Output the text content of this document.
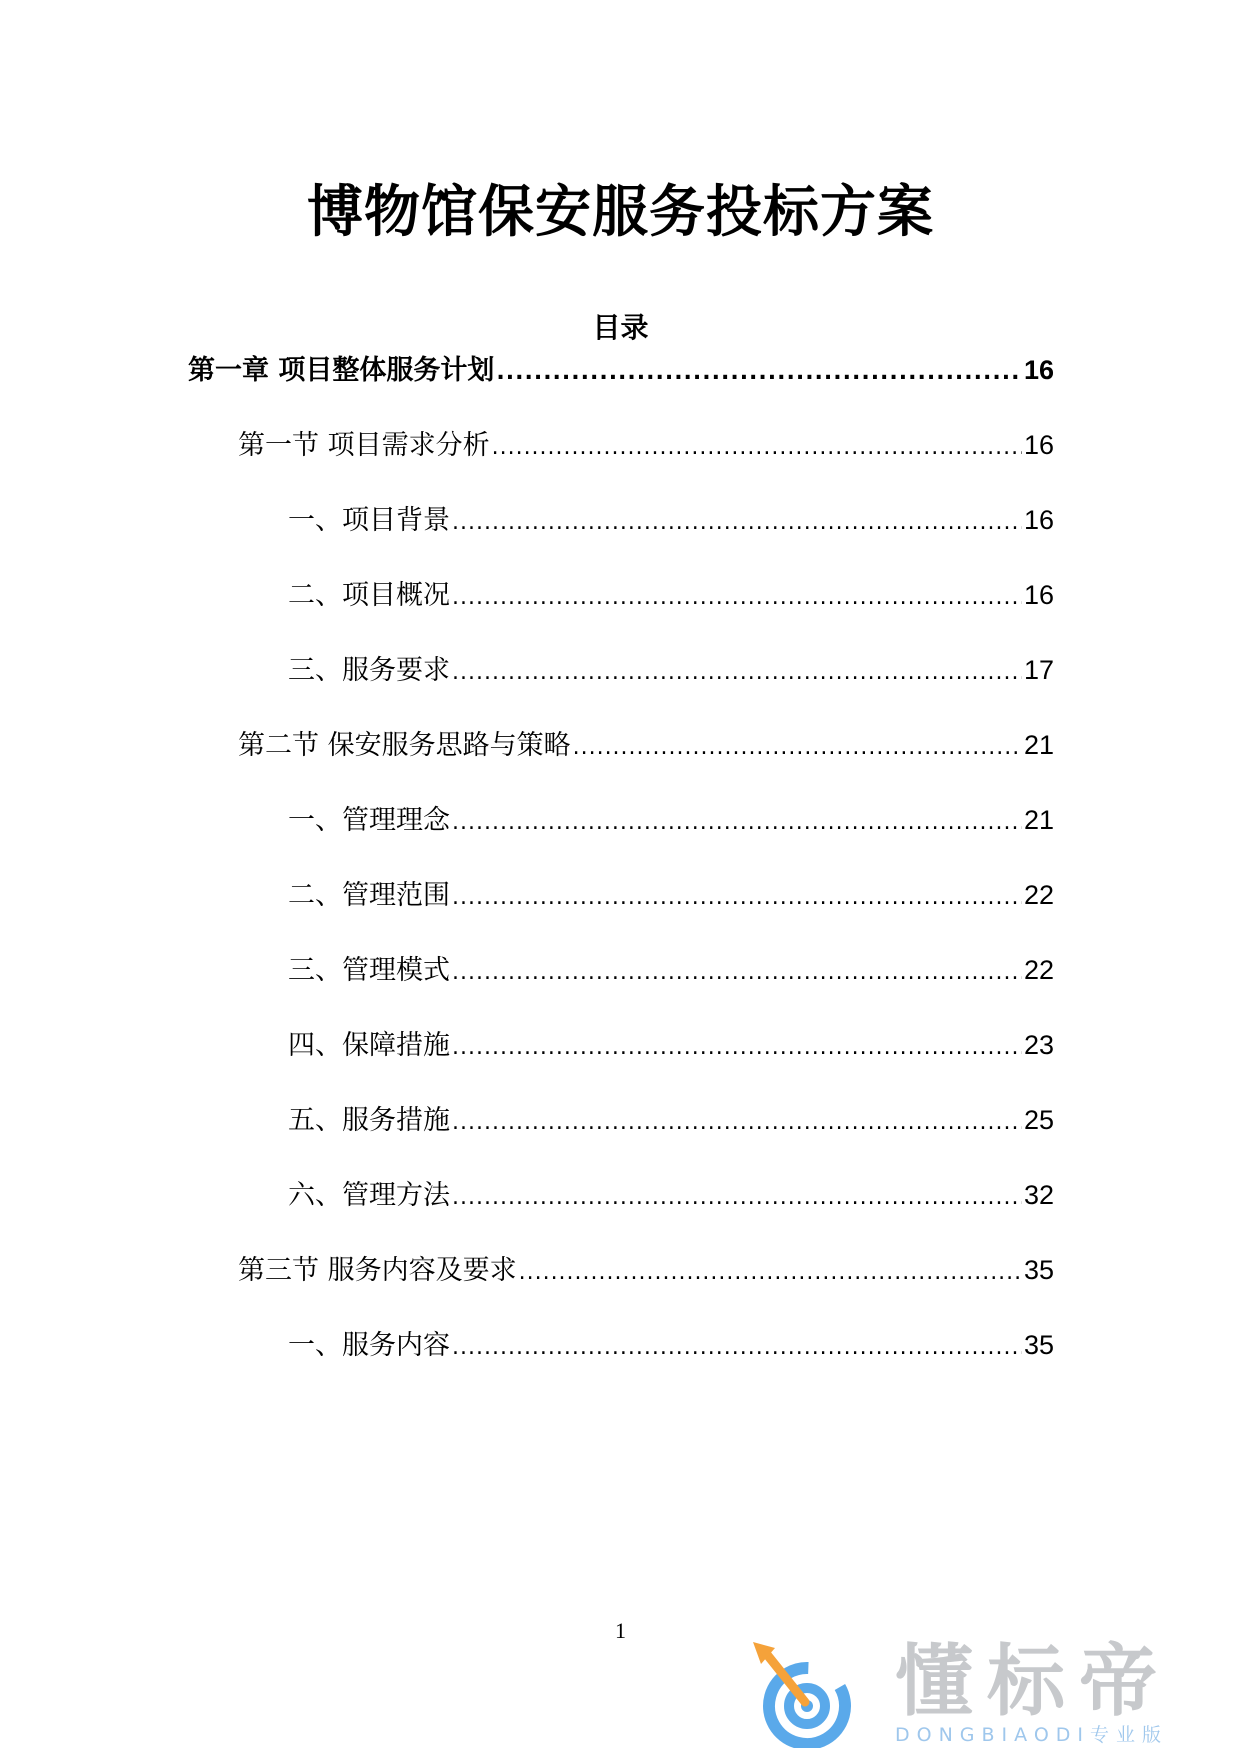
博物馆保安服务投标方案
目录
第一章 项目整体服务计划 .....	16
第一节 项目需求分析 .....	16
一、项目背景 .....	16
二、项目概况 .....	16
三、服务要求 .....	17
第二节 保安服务思路与策略 .....	21
一、管理理念 .....	21
二、管理范围 .....	22
三、管理模式 .....	22
四、保障措施 .....	23
五、服务措施 .....	25
六、管理方法 .....	32
第三节 服务内容及要求 .....	35
一、服务内容 .....	35
1
懂标帝
DONGBIAODI专业版
